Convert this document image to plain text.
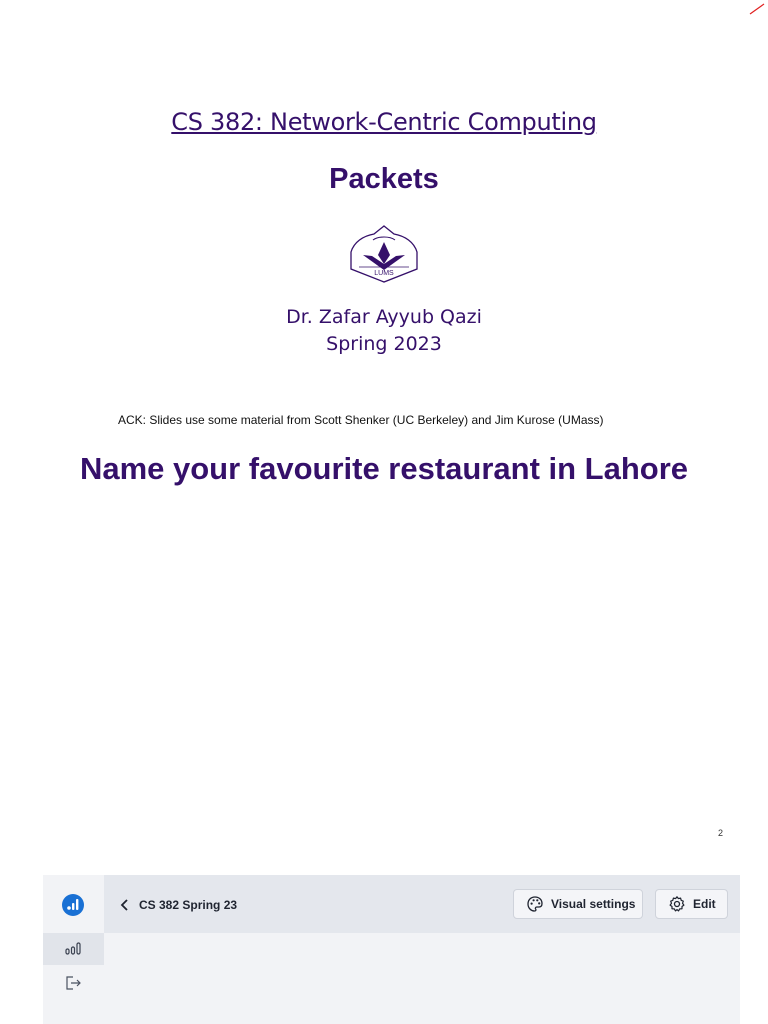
CS 382: Network-Centric Computing
Packets
LUMS
Dr. Zafar Ayyub Qazi
Spring 2023
ACK: Slides use some material from Scott Shenker (UC Berkeley) and Jim Kurose (UMass)
Name your favourite restaurant in Lahore
2
CS 382 Spring 23	Visual settings	Edit
